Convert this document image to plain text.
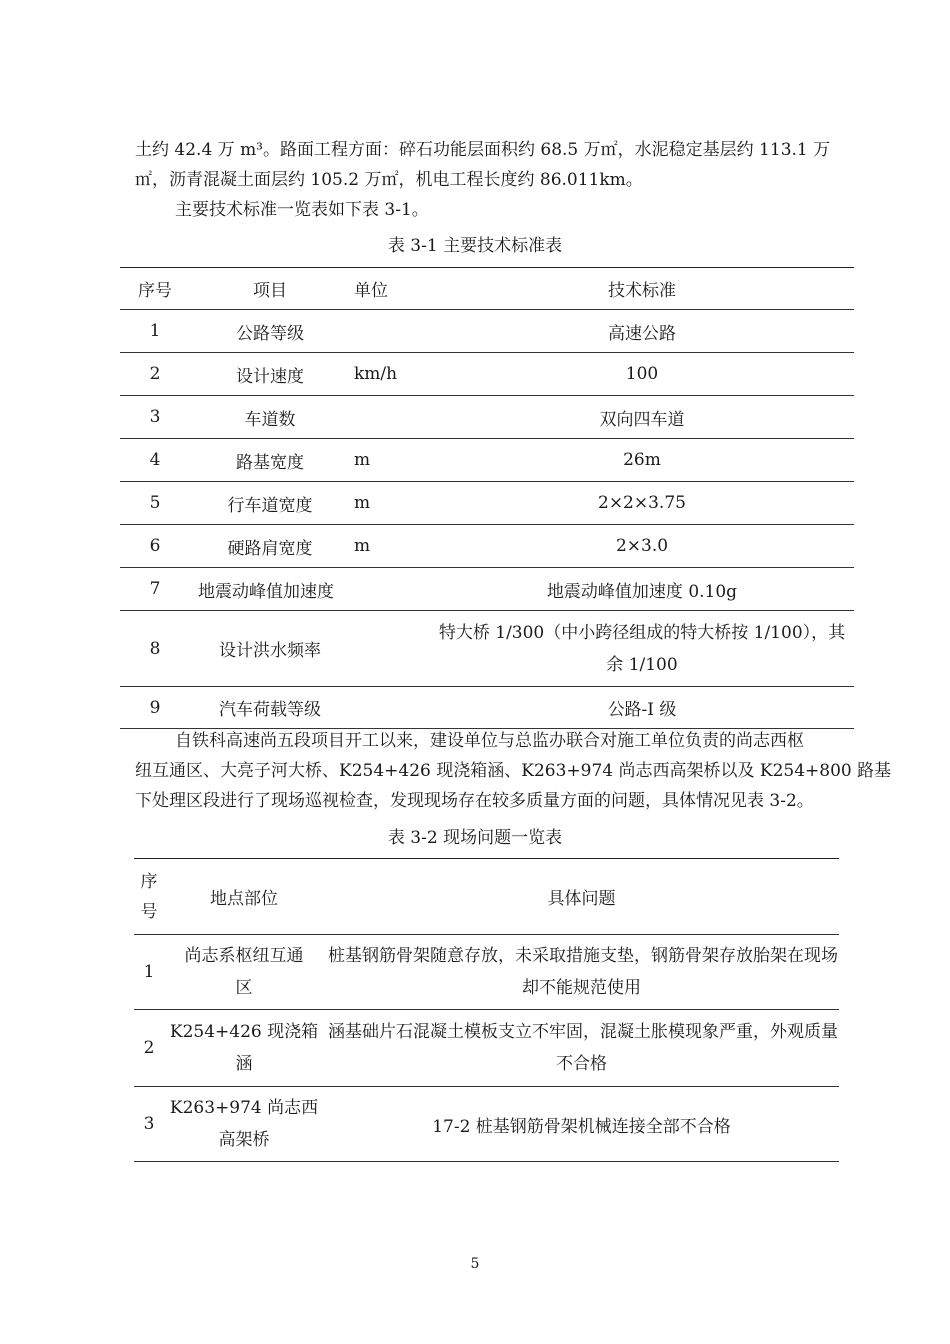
土约 42.4 万 m³。路面工程方面：碎石功能层面积约 68.5 万㎡，水泥稳定基层约 113.1 万
㎡，沥青混凝土面层约 105.2 万㎡，机电工程长度约 86.011km。
主要技术标准一览表如下表 3-1。
表 3-1 主要技术标准表
序号	项目	单位	技术标准
1	公路等级		高速公路
2	设计速度	km/h	100
3	车道数		双向四车道
4	路基宽度	m	26m
5	行车道宽度	m	2×2×3.75
6	硬路肩宽度	m	2×3.0
7	地震动峰值加速度		地震动峰值加速度 0.10g
8	设计洪水频率		特大桥 1/300（中小跨径组成的特大桥按 1/100），其
余 1/100

9	汽车荷载等级		公路-I 级
自铁科高速尚五段项目开工以来，建设单位与总监办联合对施工单位负责的尚志西枢
纽互通区、大亮子河大桥、K254+426 现浇箱涵、K263+974 尚志西高架桥以及 K254+800 路基
下处理区段进行了现场巡视检查，发现现场存在较多质量方面的问题，具体情况见表 3-2。
表 3-2 现场问题一览表
序
号	地点部位	具体问题
1	尚志系枢纽互通
区	桩基钢筋骨架随意存放，未采取措施支垫，钢筋骨架存放胎架在现场
却不能规范使用

2	K254+426 现浇箱
涵	涵基础片石混凝土模板支立不牢固，混凝土胀模现象严重，外观质量
不合格

3	K263+974 尚志西
高架桥	17-2 桩基钢筋骨架机械连接全部不合格
5
